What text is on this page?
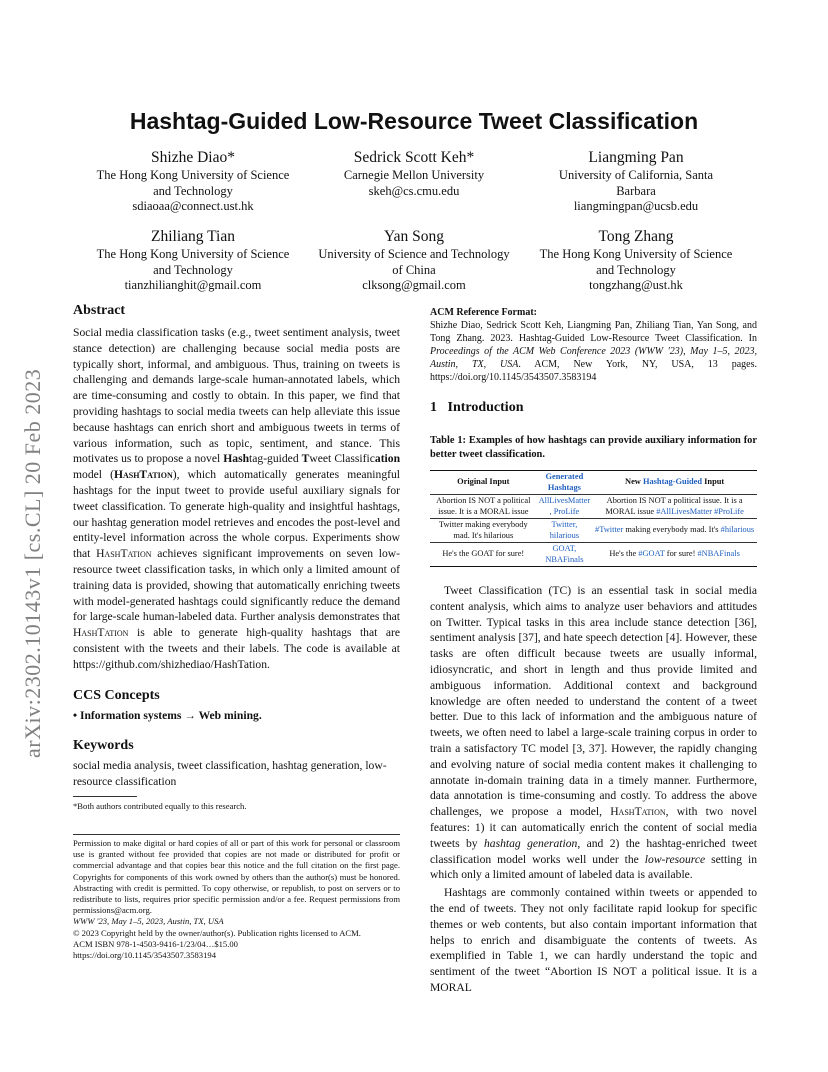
arXiv:2302.10143v1 [cs.CL] 20 Feb 2023
Hashtag-Guided Low-Resource Tweet Classification
Shizhe Diao*
The Hong Kong University of Science
and Technology
sdiaoaa@connect.ust.hk
Sedrick Scott Keh*
Carnegie Mellon University
skeh@cs.cmu.edu
Liangming Pan
University of California, Santa
Barbara
liangmingpan@ucsb.edu
Zhiliang Tian
The Hong Kong University of Science
and Technology
tianzhilianghit@gmail.com
Yan Song
University of Science and Technology
of China
clksong@gmail.com
Tong Zhang
The Hong Kong University of Science
and Technology
tongzhang@ust.hk
Abstract
Social media classification tasks (e.g., tweet sentiment analysis, tweet stance detection) are challenging because social media posts are typically short, informal, and ambiguous. Thus, training on tweets is challenging and demands large-scale human-annotated labels, which are time-consuming and costly to obtain. In this paper, we find that providing hashtags to social media tweets can help alleviate this issue because hashtags can enrich short and ambiguous tweets in terms of various information, such as topic, sentiment, and stance. This motivates us to propose a novel Hashtag-guided Tweet Classification model (HashTation), which automatically generates meaningful hashtags for the input tweet to provide useful auxiliary signals for tweet classification. To generate high-quality and insightful hashtags, our hashtag generation model retrieves and encodes the post-level and entity-level information across the whole corpus. Experiments show that HashTation achieves significant improvements on seven low-resource tweet classification tasks, in which only a limited amount of training data is provided, showing that automatically enriching tweets with model-generated hashtags could significantly reduce the demand for large-scale human-labeled data. Further analysis demonstrates that HashTation is able to generate high-quality hashtags that are consistent with the tweets and their labels. The code is available at https://github.com/shizhediao/HashTation.
CCS Concepts
• Information systems → Web mining.
Keywords
social media analysis, tweet classification, hashtag generation, low-resource classification
*Both authors contributed equally to this research.
Permission to make digital or hard copies of all or part of this work for personal or classroom use is granted without fee provided that copies are not made or distributed for profit or commercial advantage and that copies bear this notice and the full citation on the first page. Copyrights for components of this work owned by others than the author(s) must be honored. Abstracting with credit is permitted. To copy otherwise, or republish, to post on servers or to redistribute to lists, requires prior specific permission and/or a fee. Request permissions from permissions@acm.org.
WWW '23, May 1–5, 2023, Austin, TX, USA
© 2023 Copyright held by the owner/author(s). Publication rights licensed to ACM.
ACM ISBN 978-1-4503-9416-1/23/04…$15.00
https://doi.org/10.1145/3543507.3583194
ACM Reference Format:
Shizhe Diao, Sedrick Scott Keh, Liangming Pan, Zhiliang Tian, Yan Song, and Tong Zhang. 2023. Hashtag-Guided Low-Resource Tweet Classification. In Proceedings of the ACM Web Conference 2023 (WWW '23), May 1–5, 2023, Austin, TX, USA. ACM, New York, NY, USA, 13 pages. https://doi.org/10.1145/3543507.3583194
1 Introduction
Table 1: Examples of how hashtags can provide auxiliary information for better tweet classification.
Original Input	Generated Hashtags	New Hashtag-Guided Input
Abortion IS NOT a political issue. It is a MORAL issue	AllLivesMatter , ProLife	Abortion IS NOT a political issue. It is a MORAL issue #AllLivesMatter #ProLife
Twitter making everybody mad. It's hilarious	Twitter, hilarious	#Twitter making everybody mad. It's #hilarious
He's the GOAT for sure!	GOAT, NBAFinals	He's the #GOAT for sure! #NBAFinals
Tweet Classification (TC) is an essential task in social media content analysis, which aims to analyze user behaviors and attitudes on Twitter. Typical tasks in this area include stance detection [36], sentiment analysis [37], and hate speech detection [4]. However, these tasks are often difficult because tweets are usually informal, idiosyncratic, and short in length and thus provide limited and ambiguous information. Additional context and background knowledge are often needed to understand the content of a tweet better. Due to this lack of information and the ambiguous nature of tweets, we often need to label a large-scale training corpus in order to train a satisfactory TC model [3, 37]. However, the rapidly changing and evolving nature of social media content makes it challenging to annotate in-domain training data in a timely manner. Furthermore, data annotation is time-consuming and costly. To address the above challenges, we propose a model, HashTation, with two novel features: 1) it can automatically enrich the content of social media tweets by hashtag generation, and 2) the hashtag-enriched tweet classification model works well under the low-resource setting in which only a limited amount of labeled data is available.
Hashtags are commonly contained within tweets or appended to the end of tweets. They not only facilitate rapid lookup for specific themes or web contents, but also contain important information that helps to enrich and disambiguate the contents of tweets. As exemplified in Table 1, we can hardly understand the topic and sentiment of the tweet “Abortion IS NOT a political issue. It is a MORAL
